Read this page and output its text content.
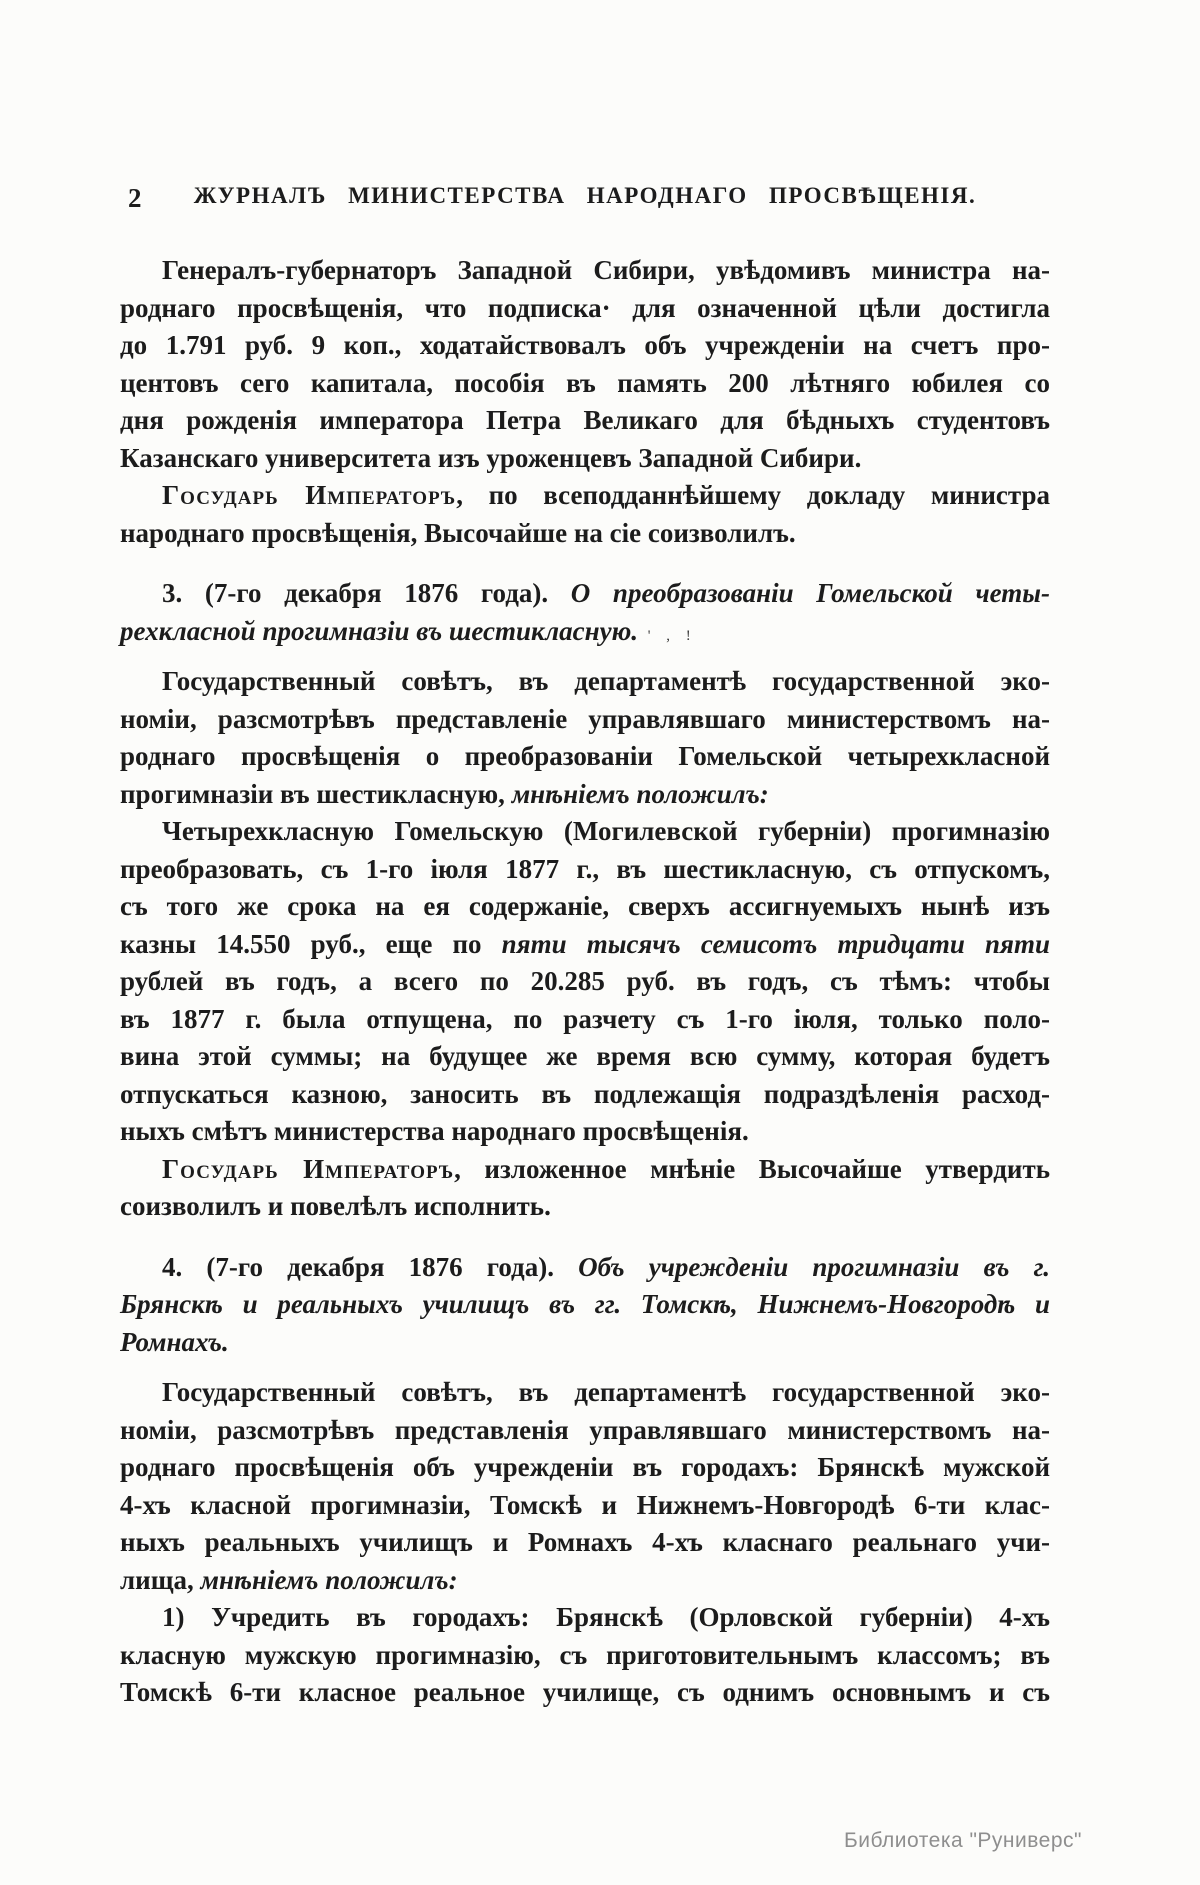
2 ЖУРНАЛЪ МИНИСТЕРСТВА НАРОДНАГО ПРОСВѢЩЕНІЯ.
Генералъ-губернаторъ Западной Сибири, увѣдомивъ министра на-
роднаго просвѣщенія, что подписка· для означенной цѣли достигла
до 1.791 руб. 9 коп., ходатайствовалъ объ учрежденіи на счетъ про-
центовъ сего капитала, пособія въ память 200 лѣтняго юбилея со
дня рожденія императора Петра Великаго для бѣдныхъ студентовъ
Казанскаго университета изъ уроженцевъ Западной Сибири.
Государь Императоръ, по всеподданнѣйшему докладу министра
народнаго просвѣщенія, Высочайше на сіе соизволилъ.
3. (7-го декабря 1876 года). О преобразованіи Гомельской четы-
рехкласной прогимназіи въ шестикласную. ' , !
Государственный совѣтъ, въ департаментѣ государственной эко-
номіи, разсмотрѣвъ представленіе управлявшаго министерствомъ на-
роднаго просвѣщенія о преобразованіи Гомельской четырехкласной
прогимназіи въ шестикласную, мнѣніемъ положилъ:
Четырехкласную Гомельскую (Могилевской губерніи) прогимназію
преобразовать, съ 1-го іюля 1877 г., въ шестикласную, съ отпускомъ,
съ того же срока на ея содержаніе, сверхъ ассигнуемыхъ нынѣ изъ
казны 14.550 руб., еще по пяти тысячъ семисотъ тридцати пяти
рублей въ годъ, а всего по 20.285 руб. въ годъ, съ тѣмъ: чтобы
въ 1877 г. была отпущена, по разчету съ 1-го іюля, только поло-
вина этой суммы; на будущее же время всю сумму, которая будетъ
отпускаться казною, заносить въ подлежащія подраздѣленія расход-
ныхъ смѣтъ министерства народнаго просвѣщенія.
Государь Императоръ, изложенное мнѣніе Высочайше утвердить
соизволилъ и повелѣлъ исполнить.
4. (7-го декабря 1876 года). Объ учрежденіи прогимназіи въ г.
Брянскѣ и реальныхъ училищъ въ гг. Томскѣ, Нижнемъ-Новгородѣ и
Ромнахъ.
Государственный совѣтъ, въ департаментѣ государственной эко-
номіи, разсмотрѣвъ представленія управлявшаго министерствомъ на-
роднаго просвѣщенія объ учрежденіи въ городахъ: Брянскѣ мужской
4-хъ класной прогимназіи, Томскѣ и Нижнемъ-Новгородѣ 6-ти клас-
ныхъ реальныхъ училищъ и Ромнахъ 4-хъ класнаго реальнаго учи-
лища, мнѣніемъ положилъ:
1) Учредить въ городахъ: Брянскѣ (Орловской губерніи) 4-хъ
класную мужскую прогимназію, съ приготовительнымъ классомъ; въ
Томскѣ 6-ти класное реальное училище, съ однимъ основнымъ и съ
Библиотека "Руниверс"
